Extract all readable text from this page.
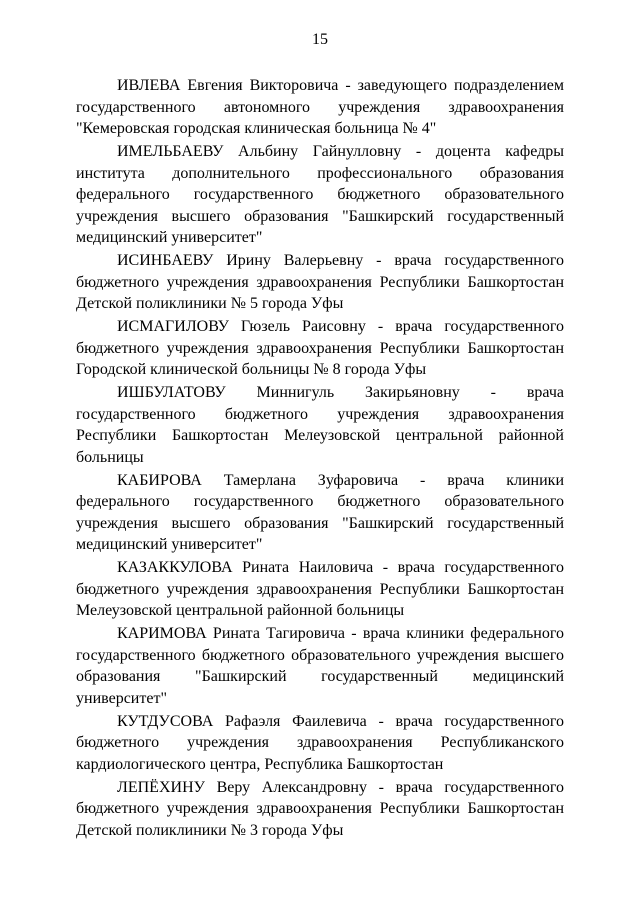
15

ИВЛЕВА Евгения Викторовича - заведующего подразделением государственного автономного учреждения здравоохранения "Кемеровская городская клиническая больница № 4"

ИМЕЛЬБАЕВУ Альбину Гайнулловну - доцента кафедры института дополнительного профессионального образования федерального государственного бюджетного образовательного учреждения высшего образования "Башкирский государственный медицинский университет"

ИСИНБАЕВУ Ирину Валерьевну - врача государственного бюджетного учреждения здравоохранения Республики Башкортостан Детской поликлиники № 5 города Уфы

ИСМАГИЛОВУ Гюзель Раисовну - врача государственного бюджетного учреждения здравоохранения Республики Башкортостан Городской клинической больницы № 8 города Уфы

ИШБУЛАТОВУ Миннигуль Закирьяновну - врача государственного бюджетного учреждения здравоохранения Республики Башкортостан Мелеузовской центральной районной больницы

КАБИРОВА Тамерлана Зуфаровича - врача клиники федерального государственного бюджетного образовательного учреждения высшего образования "Башкирский государственный медицинский университет"

КАЗАККУЛОВА Рината Наиловича - врача государственного бюджетного учреждения здравоохранения Республики Башкортостан Мелеузовской центральной районной больницы

КАРИМОВА Рината Тагировича - врача клиники федерального государственного бюджетного образовательного учреждения высшего образования "Башкирский государственный медицинский университет"

КУТДУСОВА Рафаэля Фаилевича - врача государственного бюджетного учреждения здравоохранения Республиканского кардиологического центра, Республика Башкортостан

ЛЕПЁХИНУ Веру Александровну - врача государственного бюджетного учреждения здравоохранения Республики Башкортостан Детской поликлиники № 3 города Уфы
